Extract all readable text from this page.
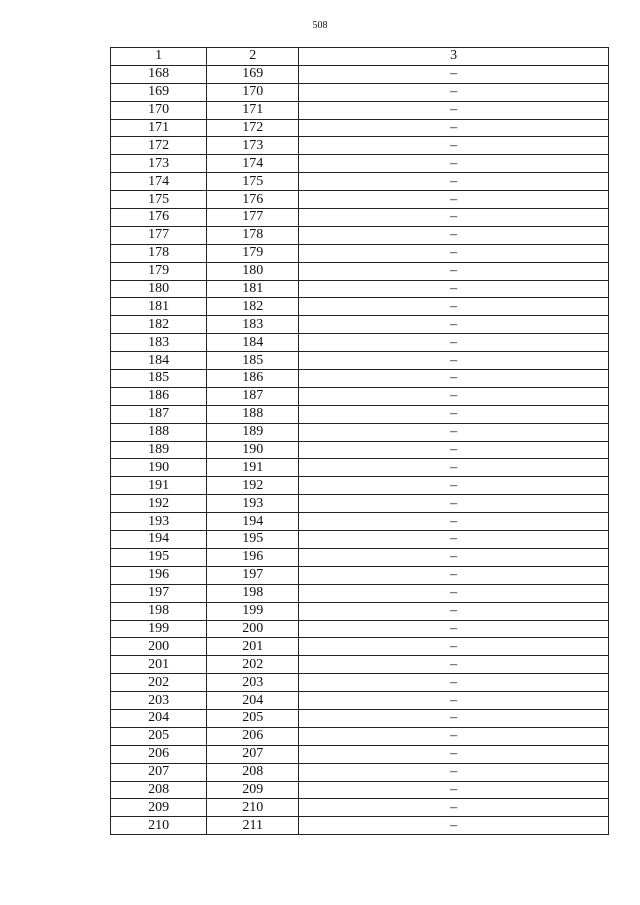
508
1	2	3
168	169	–
169	170	–
170	171	–
171	172	–
172	173	–
173	174	–
174	175	–
175	176	–
176	177	–
177	178	–
178	179	–
179	180	–
180	181	–
181	182	–
182	183	–
183	184	–
184	185	–
185	186	–
186	187	–
187	188	–
188	189	–
189	190	–
190	191	–
191	192	–
192	193	–
193	194	–
194	195	–
195	196	–
196	197	–
197	198	–
198	199	–
199	200	–
200	201	–
201	202	–
202	203	–
203	204	–
204	205	–
205	206	–
206	207	–
207	208	–
208	209	–
209	210	–
210	211	–
